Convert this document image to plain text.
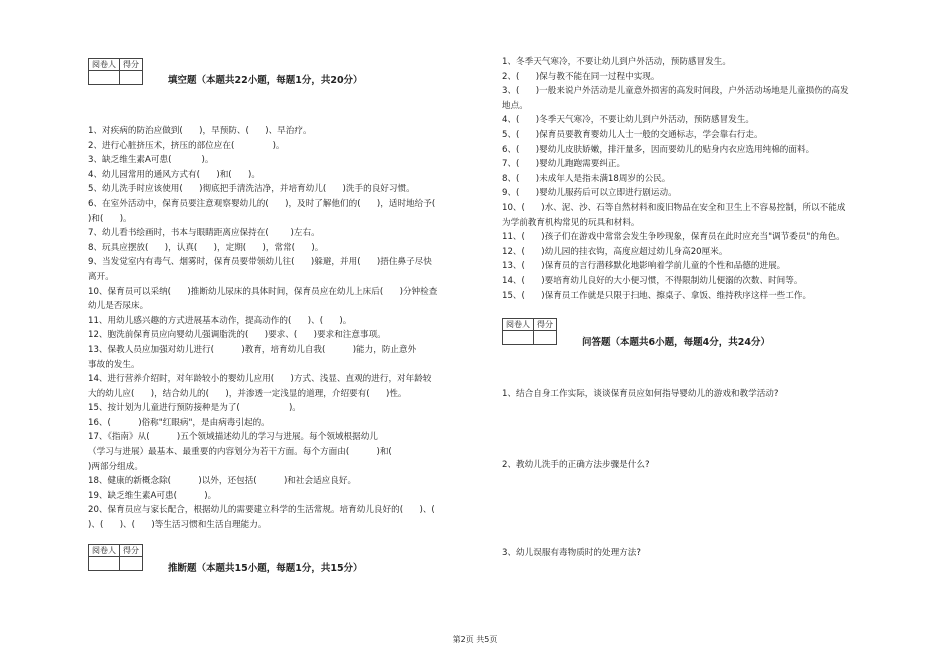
阅卷人	得分

填空题（本题共22小题，每题1分，共20分）

1、对疾病的防治应做到(      )，早预防、(      )、早治疗。

2、进行心脏挤压术，挤压的部位应在(              )。

3、缺乏维生素A可患(           )。

4、幼儿园常用的通风方式有(      )和(      )。

5、幼儿洗手时应该使用(      )彻底把手清洗洁净，并培育幼儿(      )洗手的良好习惯。

6、在室外活动中，保育员要注意观察婴幼儿的(      )，及时了解他们的(      )，适时地给予(

)和(      )。

7、幼儿看书绘画时，书本与眼睛距离应保持在(        )左右。

8、玩具应摆放(      )，认真(      )，定期(      )，常常(      )。

9、当发觉室内有毒气、烟雾时，保育员要带领幼儿往(      )躲避，并用(      )捂住鼻子尽快

离开。

10、保育员可以采纳(      )推断幼儿尿床的具体时间，保育员应在幼儿上床后(      )分钟检查

幼儿是否尿床。

11、用幼儿感兴趣的方式进展基本动作，提高动作的(      )、(      )。

12、胞洗前保育员应向婴幼儿强调脂洗的(      )要求、(      )要求和注意事项。

13、保教人员应加强对幼儿进行(          )教育，培育幼儿自我(          )能力，防止意外

事故的发生。

14、进行营养介绍时，对年龄较小的婴幼儿应用(      )方式、浅显、直观的进行，对年龄较

大的幼儿应(      )，结合幼儿的(      )，并渗透一定浅显的道理，介绍要有(      )性。

15、按计划为儿童进行预防接种是为了(                  )。

16、(          )俗称"红眼病"，是由病毒引起的。

17、《指南》从(          )五个领域描述幼儿的学习与进展。每个领域根据幼儿

（学习与进展）最基本、最重要的内容划分为若干方面。每个方面由(          )和(

)两部分组成。

18、健康的新概念除(          )以外，还包括(          )和社会适应良好。

19、缺乏维生素A可患(          )。

20、保育员应与家长配合，根据幼儿的需要建立科学的生活常规。培育幼儿良好的(      )、(

)、(      )、(      )等生活习惯和生活自理能力。

阅卷人	得分

推断题（本题共15小题，每题1分，共15分）

1、冬季天气寒冷，不要让幼儿到户外活动，预防感冒发生。

2、(      )保与教不能在同一过程中实现。

3、(      )一般来说户外活动是儿童意外损害的高发时间段，户外活动场地是儿童损伤的高发

地点。

4、(      )冬季天气寒冷，不要让幼儿到户外活动，预防感冒发生。

5、(      )保育员要教育婴幼儿人士一般的交通标志，学会靠右行走。

6、(      )婴幼儿皮肤娇嫩，排汗量多，因而要幼儿的贴身内衣应选用纯棉的面料。

7、(      )婴幼儿跑跑需要纠正。

8、(      )未成年人是指未满18周岁的公民。

9、(      )婴幼儿服药后可以立即进行剧运动。

10、(      )水、泥、沙、石等自然材料和废旧物品在安全和卫生上不容易控制，所以不能成

为学前教育机构常见的玩具和材料。

11、(      )孩子们在游戏中常常会发生争吵现象，保育员在此时应充当"调节委员"的角色。

12、(      )幼儿园的挂衣钩，高度应超过幼儿身高20厘米。

13、(      )保育员的言行潜移默化地影响着学前儿童的个性和品德的进展。

14、(      )要培育幼儿良好的大小便习惯，不得限制幼儿便溺的次数、时间等。

15、(      )保育员工作就是只限于扫地、擦桌子、拿饭、维持秩序这样一些工作。

阅卷人	得分

问答题（本题共6小题，每题4分，共24分）
1、结合自身工作实际，谈谈保育员应如何指导婴幼儿的游戏和教学活动?
2、教幼儿洗手的正确方法步骤是什么?
3、幼儿误服有毒物质时的处理方法?
第2页 共5页
